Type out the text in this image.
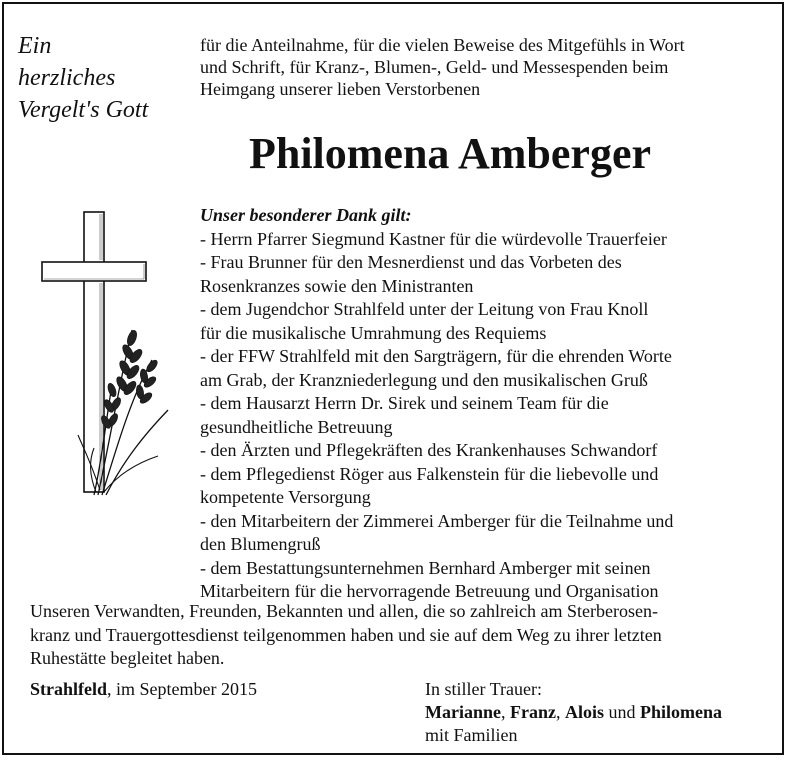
Ein
herzliches
Vergelt's Gott
für die Anteilnahme, für die vielen Beweise des Mitgefühls in Wort
und Schrift, für Kranz-, Blumen-, Geld- und Messespenden beim
Heimgang unserer lieben Verstorbenen
Philomena Amberger
Unser besonderer Dank gilt:
- Herrn Pfarrer Siegmund Kastner für die würdevolle Trauerfeier
- Frau Brunner für den Mesnerdienst und das Vorbeten des
Rosenkranzes sowie den Ministranten
- dem Jugendchor Strahlfeld unter der Leitung von Frau Knoll
für die musikalische Umrahmung des Requiems
- der FFW Strahlfeld mit den Sargträgern, für die ehrenden Worte
am Grab, der Kranzniederlegung und den musikalischen Gruß
- dem Hausarzt Herrn Dr. Sirek und seinem Team für die
gesundheitliche Betreuung
- den Ärzten und Pflegekräften des Krankenhauses Schwandorf
- dem Pflegedienst Röger aus Falkenstein für die liebevolle und
kompetente Versorgung
- den Mitarbeitern der Zimmerei Amberger für die Teilnahme und
den Blumengruß
- dem Bestattungsunternehmen Bernhard Amberger mit seinen
Mitarbeitern für die hervorragende Betreuung und Organisation
Unseren Verwandten, Freunden, Bekannten und allen, die so zahlreich am Sterberosen-
kranz und Trauergottesdienst teilgenommen haben und sie auf dem Weg zu ihrer letzten
Ruhestätte begleitet haben.
Strahlfeld, im September 2015	In stiller Trauer:
Marianne, Franz, Alois und Philomena
mit Familien
